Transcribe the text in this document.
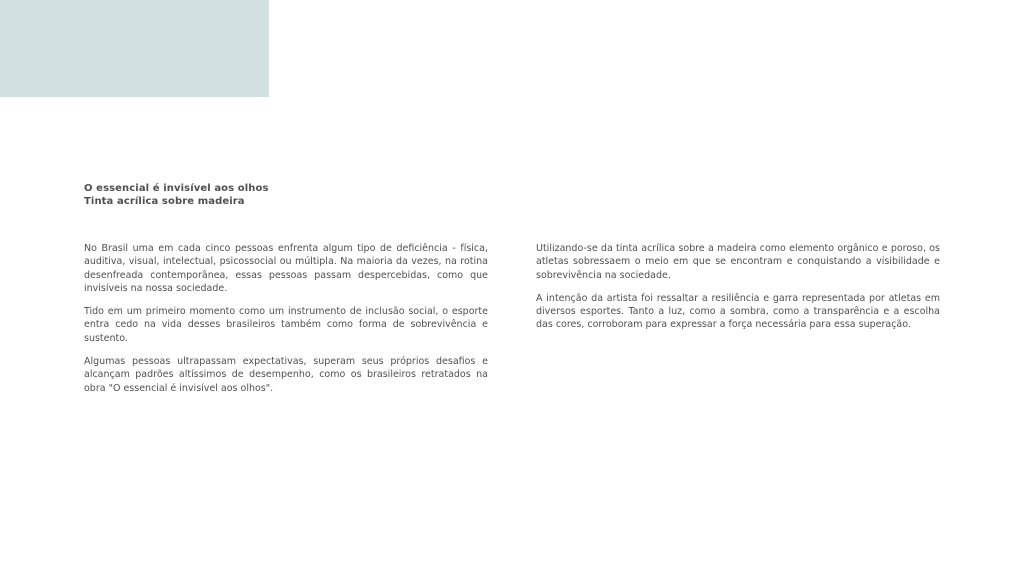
O essencial é invisível aos olhos
Tinta acrílica sobre madeira

No Brasil uma em cada cinco pessoas enfrenta algum tipo de deficiência - física, auditiva, visual, intelectual, psicossocial ou múltipla. Na maioria da vezes, na rotina desenfreada contemporânea, essas pessoas passam despercebidas, como que invisíveis na nossa sociedade.

Tido em um primeiro momento como um instrumento de inclusão social, o esporte entra cedo na vida desses brasileiros também como forma de sobrevivência e sustento.

Algumas pessoas ultrapassam expectativas, superam seus próprios desafios e alcançam padrões altíssimos de desempenho, como os brasileiros retratados na obra "O essencial é invisível aos olhos".

Utilizando-se da tinta acrílica sobre a madeira como elemento orgânico e poroso, os atletas sobressaem o meio em que se encontram e conquistando a visibilidade e sobrevivência na sociedade.

A intenção da artista foi ressaltar a resiliência e garra representada por atletas em diversos esportes. Tanto a luz, como a sombra, como a transparência e a escolha das cores, corroboram para expressar a força necessária para essa superação.
